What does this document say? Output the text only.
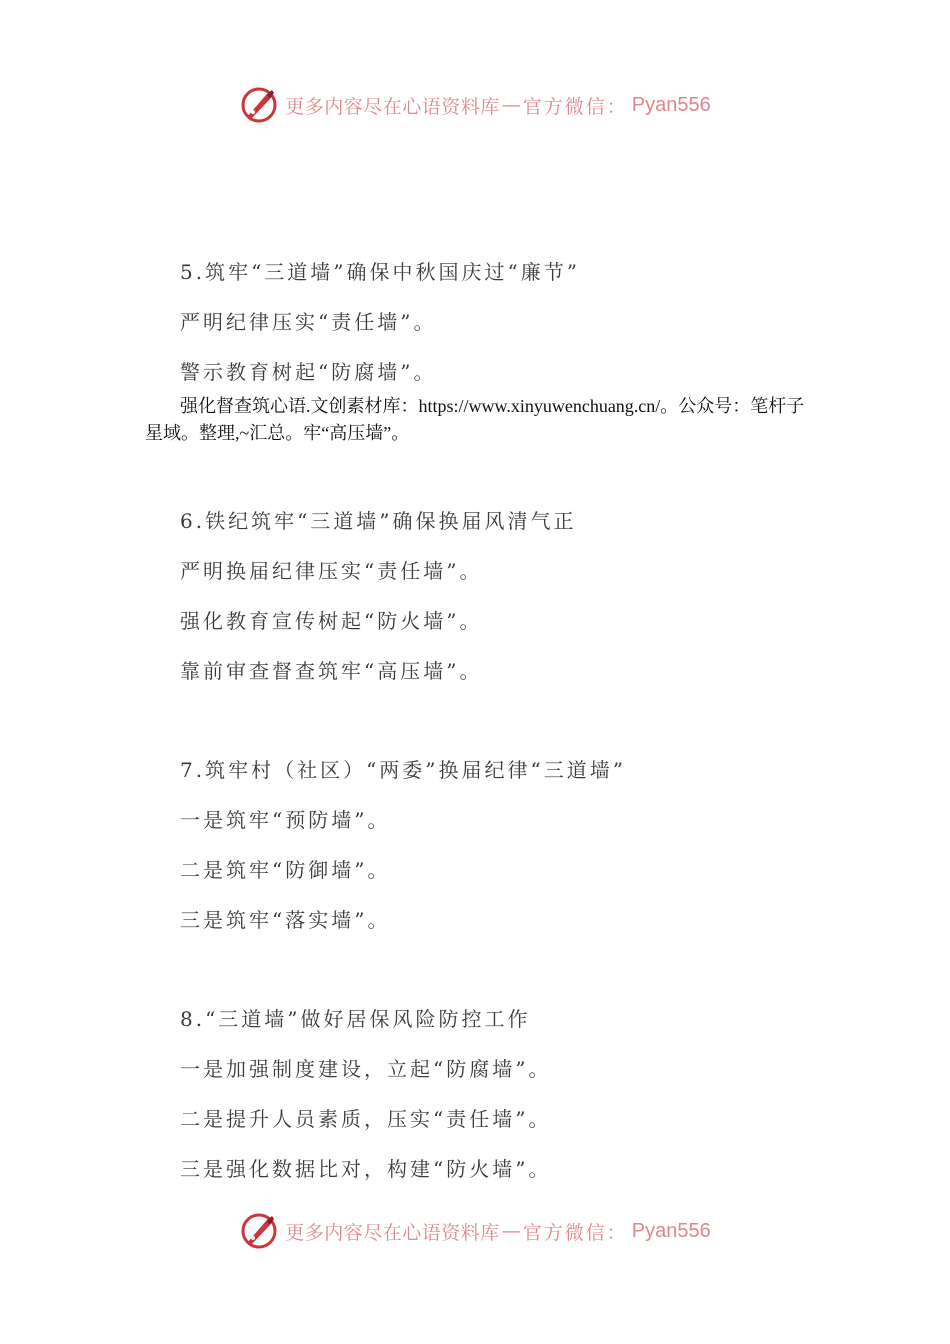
更多内容尽在心语资料库 — 官方微信： Pyan556

5.筑牢“三道墙”确保中秋国庆过“廉节”

严明纪律压实“责任墙”。

警示教育树起“防腐墙”。

强化督查筑心语.文创素材库：https://www.xinyuwenchuang.cn/。公众号：笔杆子星域。整理,~汇总。牢“高压墙”。

6.铁纪筑牢“三道墙”确保换届风清气正

严明换届纪律压实“责任墙”。

强化教育宣传树起“防火墙”。

靠前审查督查筑牢“高压墙”。

7.筑牢村（社区）“两委”换届纪律“三道墙”

一是筑牢“预防墙”。

二是筑牢“防御墙”。

三是筑牢“落实墙”。

8.“三道墙”做好居保风险防控工作

一是加强制度建设，立起“防腐墙”。

二是提升人员素质，压实“责任墙”。

三是强化数据比对，构建“防火墙”。

更多内容尽在心语资料库 — 官方微信： Pyan556
